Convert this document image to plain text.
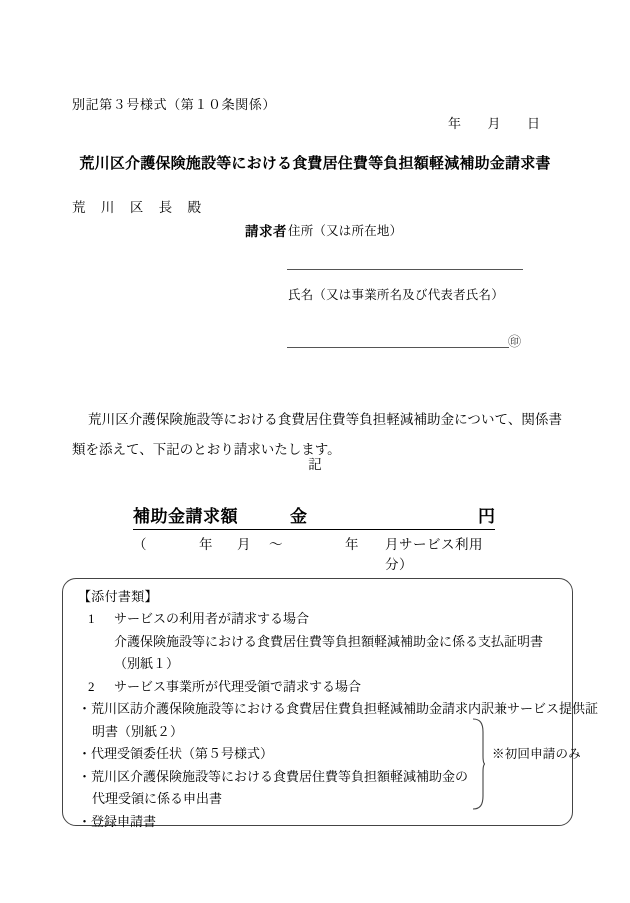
別記第３号様式（第１０条関係）
年 月 日
荒川区介護保険施設等における食費居住費等負担額軽減補助金請求書
荒 川 区 長 殿
請求者 住所（又は所在地）
氏名（又は事業所名及び代表者氏名）
㊞
荒川区介護保険施設等における食費居住費等負担軽減補助金について、関係書類を添えて、下記のとおり請求いたします。
記
補助金請求額	金	円
（	年 月 ～	年 月サービス利用分）
【添付書類】
1 サービスの利用者が請求する場合
介護保険施設等における食費居住費等負担額軽減補助金に係る支払証明書
（別紙１）
2 サービス事業所が代理受領で請求する場合
・荒川区訪介護保険施設等における食費居住費負担軽減補助金請求内訳兼サービス提供証
明書（別紙２）
・代理受領委任状（第５号様式）
・荒川区介護保険施設等における食費居住費等負担額軽減補助金の
代理受領に係る申出書
・登録申請書
※初回申請のみ
